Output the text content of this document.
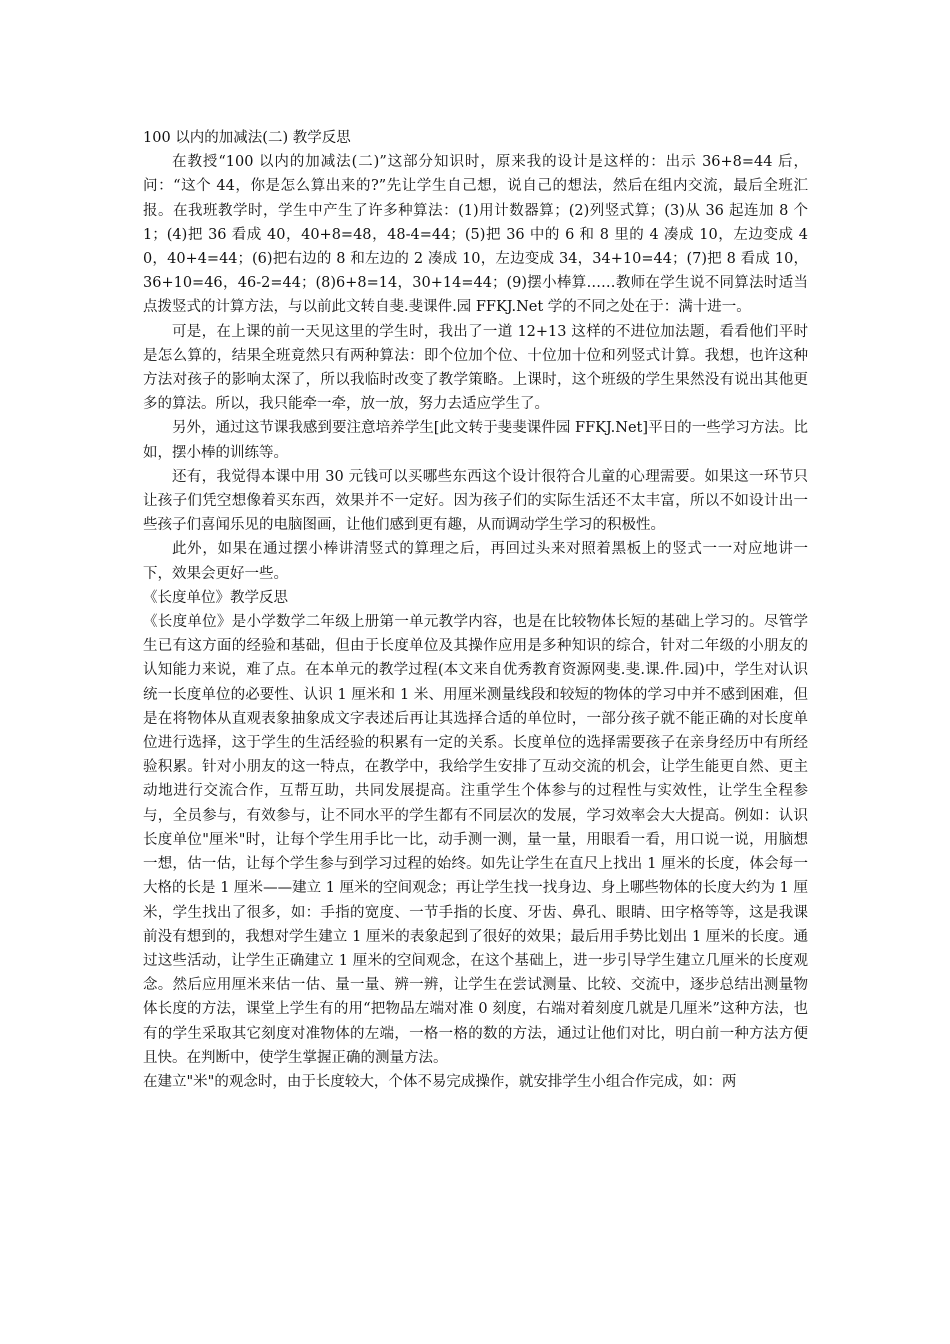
100 以内的加减法(二) 教学反思

在教授“100 以内的加减法(二)”这部分知识时，原来我的设计是这样的：出示 36+8=44 后，问：“这个 44，你是怎么算出来的?”先让学生自己想，说自己的想法，然后在组内交流，最后全班汇报。在我班教学时，学生中产生了许多种算法：(1)用计数器算；(2)列竖式算；(3)从 36 起连加 8 个 1；(4)把 36 看成 40，40+8=48，48-4=44；(5)把 36 中的 6 和 8 里的 4 凑成 10，左边变成 40，40+4=44；(6)把右边的 8 和左边的 2 凑成 10，左边变成 34，34+10=44；(7)把 8 看成 10，36+10=46，46-2=44；(8)6+8=14，30+14=44；(9)摆小棒算……教师在学生说不同算法时适当点拨竖式的计算方法，与以前此文转自斐.斐课件.园 FFKJ.Net 学的不同之处在于：满十进一。

可是，在上课的前一天见这里的学生时，我出了一道 12+13 这样的不进位加法题，看看他们平时是怎么算的，结果全班竟然只有两种算法：即个位加个位、十位加十位和列竖式计算。我想，也许这种方法对孩子的影响太深了，所以我临时改变了教学策略。上课时，这个班级的学生果然没有说出其他更多的算法。所以，我只能牵一牵，放一放，努力去适应学生了。

另外，通过这节课我感到要注意培养学生[此文转于斐斐课件园 FFKJ.Net]平日的一些学习方法。比如，摆小棒的训练等。

还有，我觉得本课中用 30 元钱可以买哪些东西这个设计很符合儿童的心理需要。如果这一环节只让孩子们凭空想像着买东西，效果并不一定好。因为孩子们的实际生活还不太丰富，所以不如设计出一些孩子们喜闻乐见的电脑图画，让他们感到更有趣，从而调动学生学习的积极性。

此外，如果在通过摆小棒讲清竖式的算理之后，再回过头来对照着黑板上的竖式一一对应地讲一下，效果会更好一些。

《长度单位》教学反思

《长度单位》是小学数学二年级上册第一单元教学内容，也是在比较物体长短的基础上学习的。尽管学生已有这方面的经验和基础，但由于长度单位及其操作应用是多种知识的综合，针对二年级的小朋友的认知能力来说，难了点。在本单元的教学过程(本文来自优秀教育资源网斐.斐.课.件.园)中，学生对认识统一长度单位的必要性、认识 1 厘米和 1 米、用厘米测量线段和较短的物体的学习中并不感到困难，但是在将物体从直观表象抽象成文字表述后再让其选择合适的单位时，一部分孩子就不能正确的对长度单位进行选择，这于学生的生活经验的积累有一定的关系。长度单位的选择需要孩子在亲身经历中有所经验积累。针对小朋友的这一特点，在教学中，我给学生安排了互动交流的机会，让学生能更自然、更主动地进行交流合作，互帮互助，共同发展提高。注重学生个体参与的过程性与实效性，让学生全程参与，全员参与，有效参与，让不同水平的学生都有不同层次的发展，学习效率会大大提高。例如：认识长度单位"厘米"时，让每个学生用手比一比，动手测一测，量一量，用眼看一看，用口说一说，用脑想一想，估一估，让每个学生参与到学习过程的始终。如先让学生在直尺上找出 1 厘米的长度，体会每一大格的长是 1 厘米——建立 1 厘米的空间观念；再让学生找一找身边、身上哪些物体的长度大约为 1 厘米，学生找出了很多，如：手指的宽度、一节手指的长度、牙齿、鼻孔、眼睛、田字格等等，这是我课前没有想到的，我想对学生建立 1 厘米的表象起到了很好的效果；最后用手势比划出 1 厘米的长度。通过这些活动，让学生正确建立 1 厘米的空间观念，在这个基础上，进一步引导学生建立几厘米的长度观念。然后应用厘米来估一估、量一量、辨一辨，让学生在尝试测量、比较、交流中，逐步总结出测量物体长度的方法，课堂上学生有的用“把物品左端对准 0 刻度，右端对着刻度几就是几厘米”这种方法，也有的学生采取其它刻度对准物体的左端，一格一格的数的方法，通过让他们对比，明白前一种方法方便且快。在判断中，使学生掌握正确的测量方法。

在建立"米"的观念时，由于长度较大，个体不易完成操作，就安排学生小组合作完成，如：两
